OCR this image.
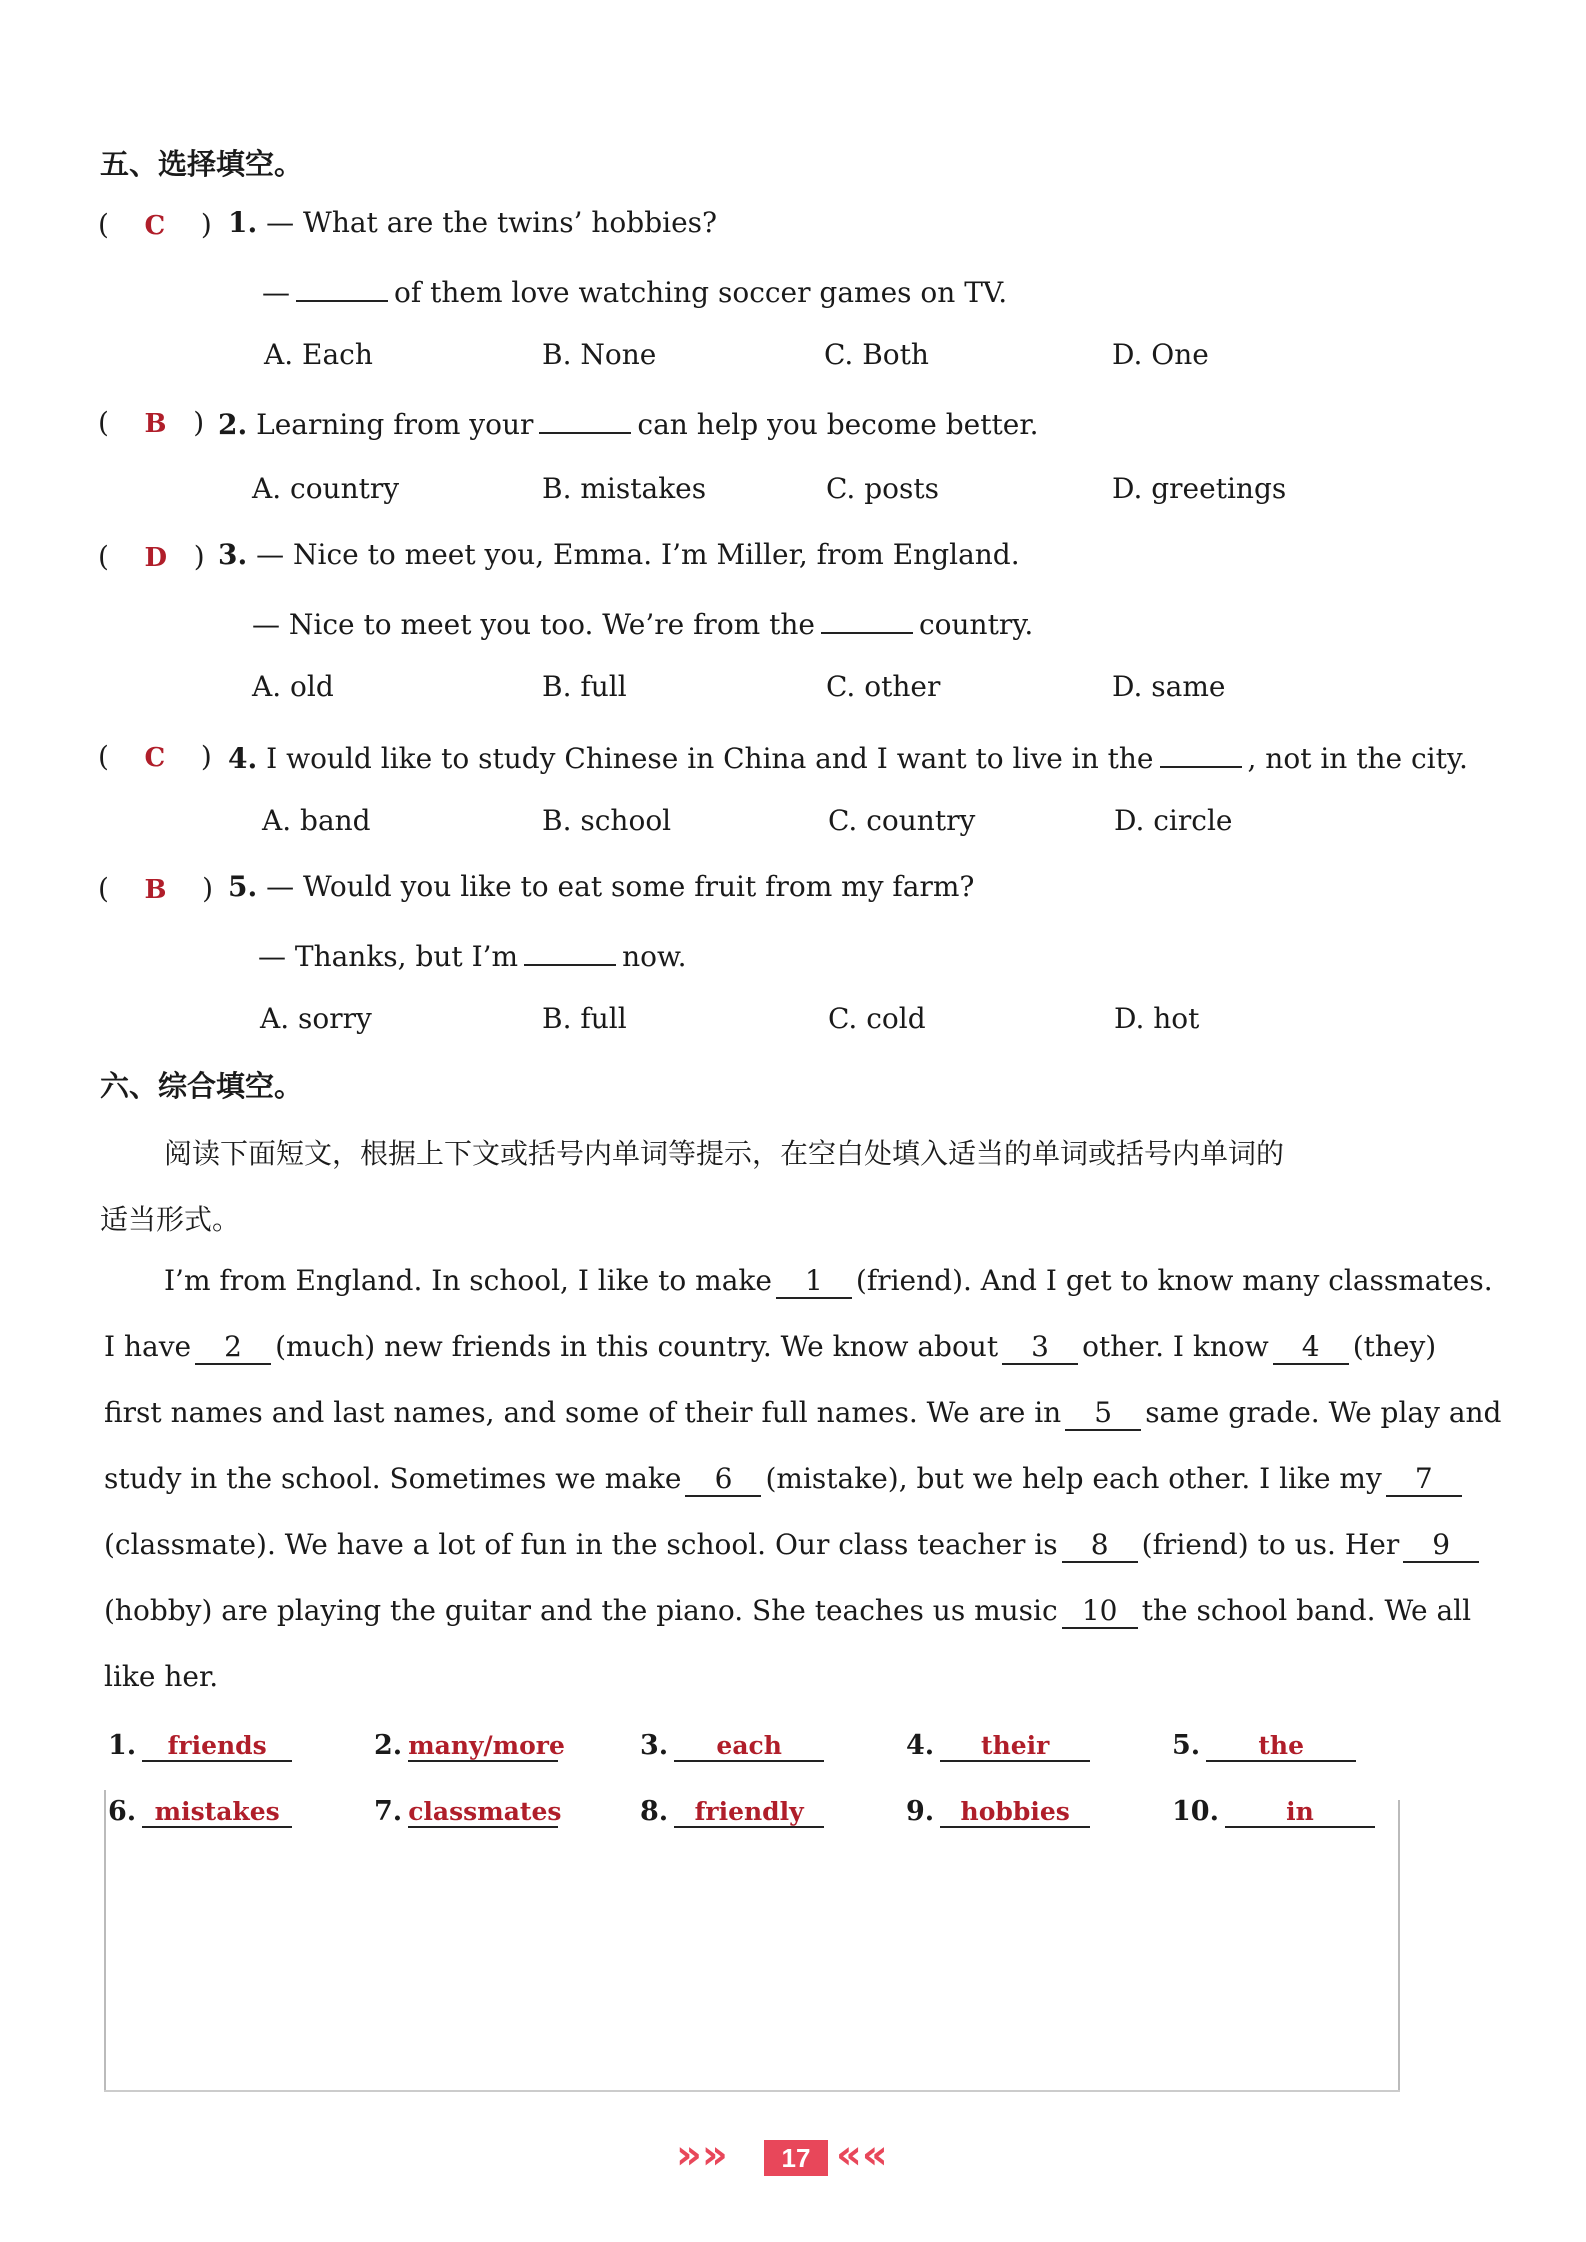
五、选择填空。
(    C    ) 1. — What are the twins’ hobbies?
—	of them love watching soccer games on TV.
A. Each	B. None	C. Both	D. One
(    B   ) 2. Learning from your	can help you become better.
A. country	B. mistakes	C. posts	D. greetings
(    D   ) 3. — Nice to meet you, Emma. I’m Miller, from England.
— Nice to meet you too. We’re from the	country.
A. old	B. full	C. other	D. same
(    C    ) 4. I would like to study Chinese in China and I want to live in the	, not in the city.
A. band	B. school	C. country	D. circle
(    B    ) 5. — Would you like to eat some fruit from my farm?
— Thanks, but I’m	now.
A. sorry	B. full	C. cold	D. hot
六、综合填空。
阅读下面短文，根据上下文或括号内单词等提示，在空白处填入适当的单词或括号内单词的
适当形式。
I’m from England. In school, I like to make 1 (friend). And I get to know many classmates.
I have 2 (much) new friends in this country. We know about 3 other. I know 4 (they)
first names and last names, and some of their full names. We are in 5 same grade. We play and
study in the school. Sometimes we make 6 (mistake), but we help each other. I like my 7
(classmate). We have a lot of fun in the school. Our class teacher is 8 (friend) to us. Her 9
(hobby) are playing the guitar and the piano. She teaches us music 10 the school band. We all
like her.
1. friends	2. many/more	3. each	4. their	5. the
6. mistakes	7. classmates	8. friendly	9. hobbies	10.	in
»»	17 ««
